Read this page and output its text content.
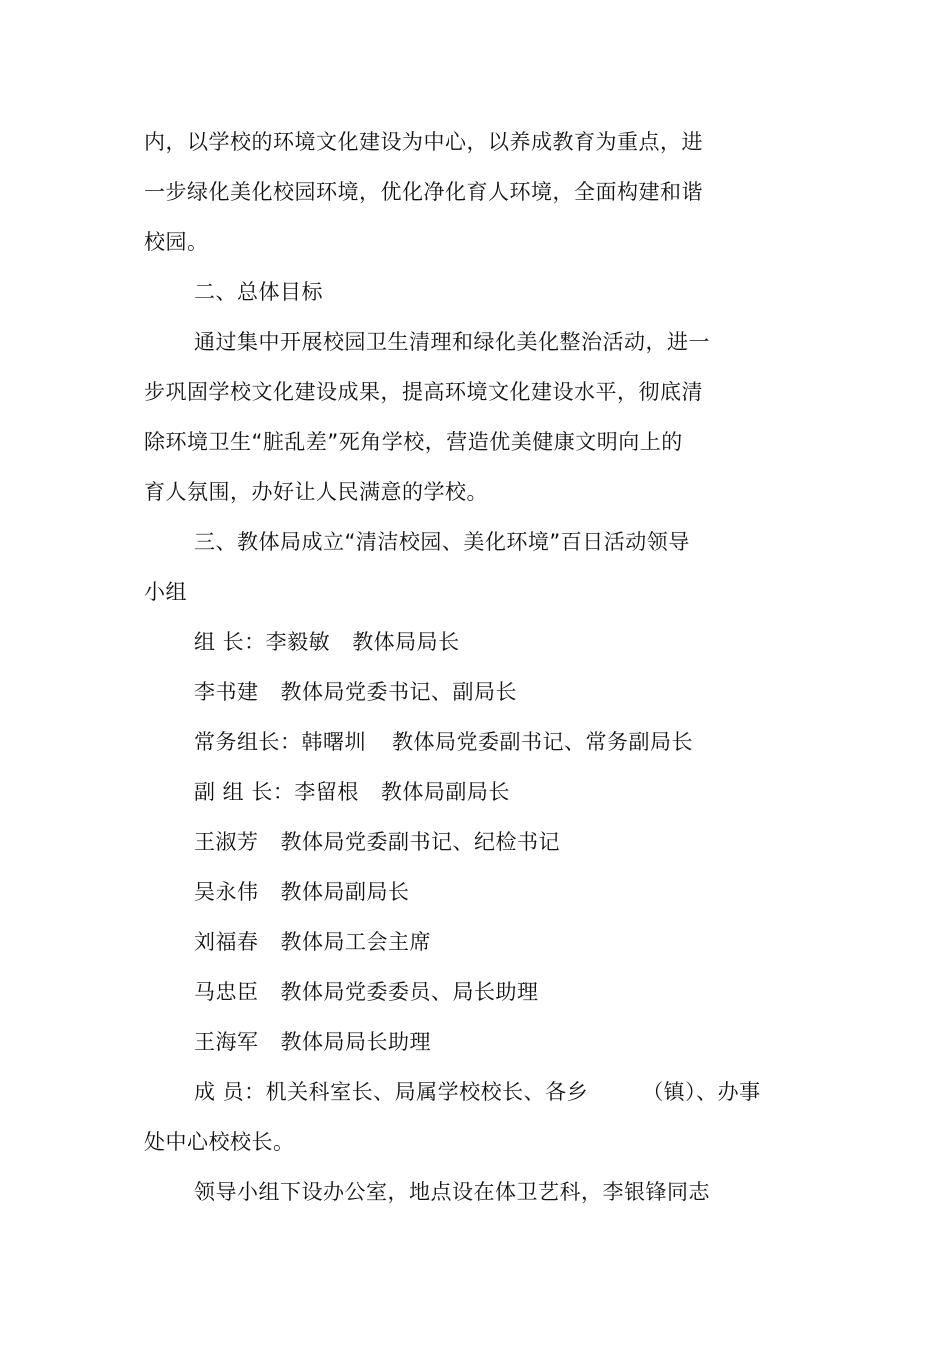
内，以学校的环境文化建设为中心，以养成教育为重点，进
一步绿化美化校园环境，优化净化育人环境，全面构建和谐
校园。
二、总体目标
通过集中开展校园卫生清理和绿化美化整治活动，进一
步巩固学校文化建设成果，提高环境文化建设水平，彻底清
除环境卫生“脏乱差”死角学校，营造优美健康文明向上的
育人氛围，办好让人民满意的学校。
三、教体局成立“清洁校园、美化环境”百日活动领导
小组
组 长：李毅敏 教体局局长
李书建 教体局党委书记、副局长
常务组长：韩曙圳 教体局党委副书记、常务副局长
副 组 长：李留根 教体局副局长
王淑芳 教体局党委副书记、纪检书记
吴永伟 教体局副局长
刘福春 教体局工会主席
马忠臣 教体局党委委员、局长助理
王海军 教体局局长助理
成 员：机关科室长、局属学校校长、各乡	（镇）、办事
处中心校校长。
领导小组下设办公室，地点设在体卫艺科，李银锋同志
